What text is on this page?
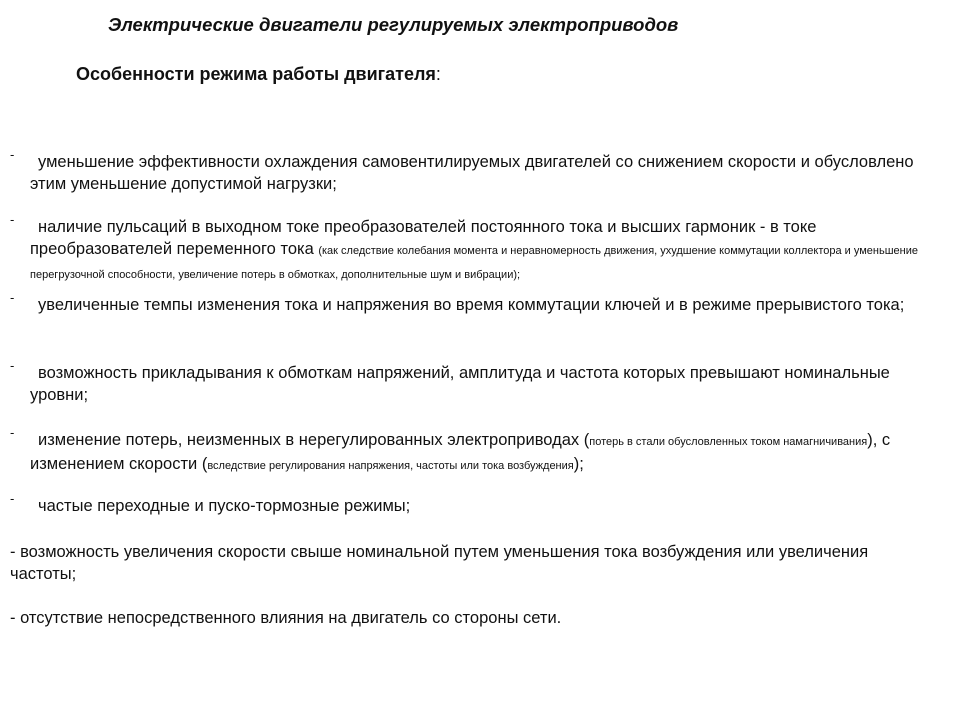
Электрические двигатели регулируемых электроприводов
Особенности режима работы двигателя:
-	уменьшение эффективности охлаждения самовентилируемых двигателей со снижением скорости и обусловлено этим уменьшение допустимой нагрузки;
-	наличие пульсаций в выходном токе преобразователей постоянного тока и высших гармоник - в токе преобразователей переменного тока (как следствие колебания момента и неравномерность движения, ухудшение коммутации коллектора и уменьшение перегрузочной способности, увеличение потерь в обмотках, дополнительные шум и вибрации);
-	увеличенные темпы изменения тока и напряжения во время коммутации ключей и в режиме прерывистого тока;
-	возможность прикладывания к обмоткам напряжений, амплитуда и частота которых превышают номинальные уровни;
-	изменение потерь, неизменных в нерегулированных электроприводах (потерь в стали обусловленных током намагничивания), с изменением скорости (вследствие регулирования напряжения, частоты или тока возбуждения);
-	частые переходные и пуско-тормозные режимы;
- возможность увеличения скорости свыше номинальной путем уменьшения тока возбуждения или увеличения частоты;
- отсутствие непосредственного влияния на двигатель со стороны сети.
